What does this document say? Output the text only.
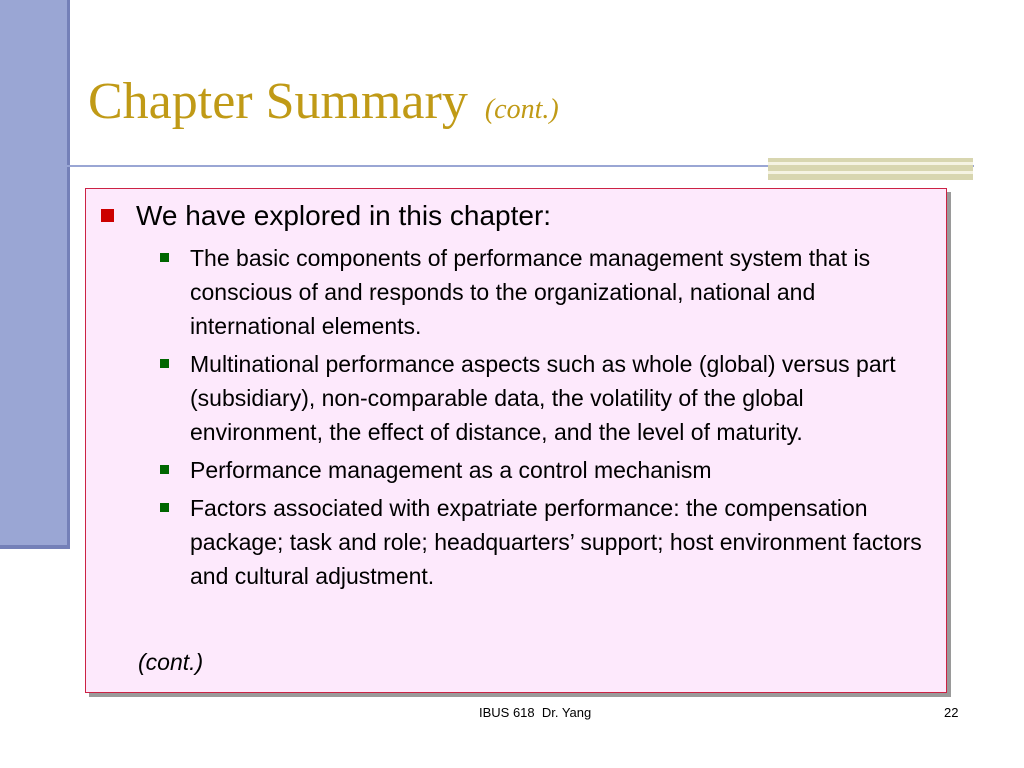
Chapter Summary (cont.)
We have explored in this chapter:
The basic components of performance management system that is conscious of and responds to the organizational, national and international elements.
Multinational performance aspects such as whole (global) versus part (subsidiary), non-comparable data, the volatility of the global environment, the effect of distance, and the level of maturity.
Performance management as a control mechanism
Factors associated with expatriate performance: the compensation package; task and role; headquarters’ support; host environment factors and cultural adjustment.
(cont.)
IBUS 618  Dr. Yang	22
